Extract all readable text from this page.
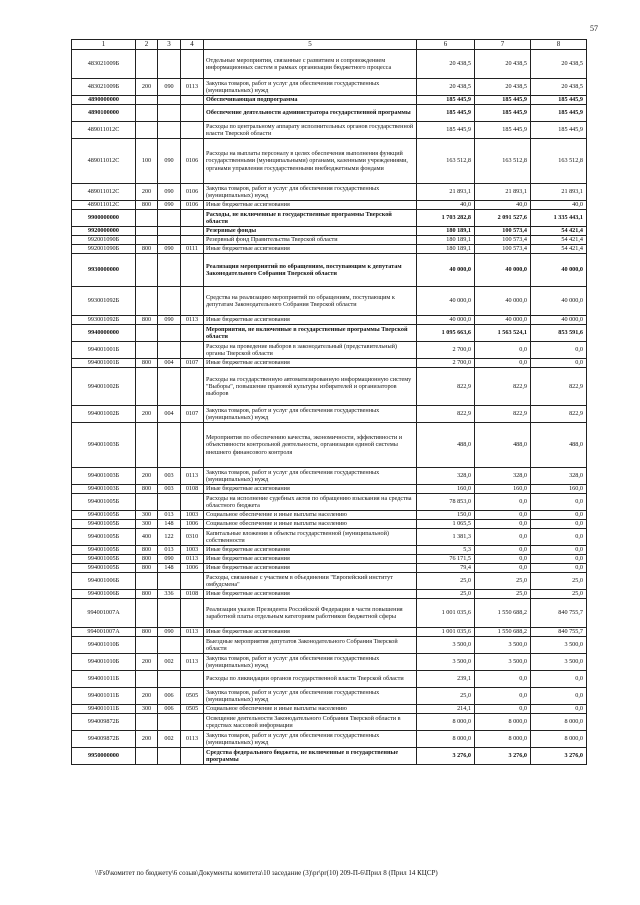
57
1	2	3	4	5	6	7	8
483021009Б				Отдельные мероприятия, связанные с развитием и сопровождением информационных систем в рамках организации бюджетного процесса	20 438,5	20 438,5	20 438,5
483021009Б	200	090	0113	Закупка товаров, работ и услуг для обеспечения государственных (муниципальных) нужд	20 438,5	20 438,5	20 438,5
4890000000				Обеспечивающая подпрограмма	185 445,9	185 445,9	185 445,9
4890100000				Обеспечение деятельности администратора государственной программы	185 445,9	185 445,9	185 445,9
489011012С				Расходы по центральному аппарату исполнительных органов государственной власти Тверской области	185 445,9	185 445,9	185 445,9
489011012С	100	090	0106	Расходы на выплаты персоналу в целях обеспечения выполнения функций государственными (муниципальными) органами, казенными учреждениями, органами управления государственными внебюджетными фондами	163 512,8	163 512,8	163 512,8
489011012С	200	090	0106	Закупка товаров, работ и услуг для обеспечения государственных (муниципальных) нужд	21 893,1	21 893,1	21 893,1
489011012С	800	090	0106	Иные бюджетные ассигнования	40,0	40,0	40,0
9900000000				Расходы, не включенные в государственные программы Тверской области	1 703 282,8	2 091 527,6	1 335 443,1
9920000000				Резервные фонды	180 189,1	100 573,4	54 421,4
992001090Б				Резервный фонд Правительства Тверской области	180 189,1	100 573,4	54 421,4
992001090Б	800	090	0111	Иные бюджетные ассигнования	180 189,1	100 573,4	54 421,4
9930000000				Реализация мероприятий по обращениям, поступающим к депутатам Законодательного Собрания Тверской области	40 000,0	40 000,0	40 000,0
993001092Б				Средства на реализацию мероприятий по обращениям, поступающим к депутатам Законодательного Собрания Тверской области	40 000,0	40 000,0	40 000,0
993001092Б	800	090	0113	Иные бюджетные ассигнования	40 000,0	40 000,0	40 000,0
9940000000				Мероприятия, не включенные в государственные программы Тверской области	1 095 663,6	1 563 524,1	853 591,6
994001001Б				Расходы на проведение выборов в законодательный (представительный) органы Тверской области	2 700,0	0,0	0,0
994001001Б	800	004	0107	Иные бюджетные ассигнования	2 700,0	0,0	0,0
994001002Б				Расходы на государственную автоматизированную информационную систему "Выборы", повышение правовой культуры избирателей и организаторов выборов	822,9	822,9	822,9
994001002Б	200	004	0107	Закупка товаров, работ и услуг для обеспечения государственных (муниципальных) нужд	822,9	822,9	822,9
994001003Б				Мероприятия по обеспечению качества, экономичности, эффективности и объективности контрольной деятельности, организации единой системы внешнего финансового контроля	488,0	488,0	488,0
994001003Б	200	003	0113	Закупка товаров, работ и услуг для обеспечения государственных (муниципальных) нужд	328,0	328,0	328,0
994001003Б	800	003	0108	Иные бюджетные ассигнования	160,0	160,0	160,0
994001005Б				Расходы на исполнение судебных актов по обращению взыскания на средства областного бюджета	78 853,0	0,0	0,0
994001005Б	300	013	1003	Социальное обеспечение и иные выплаты населению	150,0	0,0	0,0
994001005Б	300	148	1006	Социальное обеспечение и иные выплаты населению	1 065,5	0,0	0,0
994001005Б	400	122	0310	Капитальные вложения в объекты государственной (муниципальной) собственности	1 381,3	0,0	0,0
994001005Б	800	013	1003	Иные бюджетные ассигнования	5,3	0,0	0,0
994001005Б	800	090	0113	Иные бюджетные ассигнования	76 171,5	0,0	0,0
994001005Б	800	148	1006	Иные бюджетные ассигнования	79,4	0,0	0,0
994001006Б				Расходы, связанные с участием в объединении "Европейский институт омбудсмена"	25,0	25,0	25,0
994001006Б	800	336	0108	Иные бюджетные ассигнования	25,0	25,0	25,0
994001007А				Реализация указов Президента Российской Федерации в части повышения заработной платы отдельным категориям работников бюджетной сферы	1 001 035,6	1 550 688,2	840 755,7
994001007А	800	090	0113	Иные бюджетные ассигнования	1 001 035,6	1 550 688,2	840 755,7
994001010Б				Выездные мероприятия депутатов Законодательного Собрания Тверской области	3 500,0	3 500,0	3 500,0
994001010Б	200	002	0113	Закупка товаров, работ и услуг для обеспечения государственных (муниципальных) нужд	3 500,0	3 500,0	3 500,0
994001011Б				Расходы по ликвидации органов государственной власти Тверской области	239,1	0,0	0,0
994001011Б	200	006	0505	Закупка товаров, работ и услуг для обеспечения государственных (муниципальных) нужд	25,0	0,0	0,0
994001011Б	300	006	0505	Социальное обеспечение и иные выплаты населению	214,1	0,0	0,0
994009872Б				Освещение деятельности Законодательного Собрания Тверской области в средствах массовой информации	8 000,0	8 000,0	8 000,0
994009872Б	200	002	0113	Закупка товаров, работ и услуг для обеспечения государственных (муниципальных) нужд	8 000,0	8 000,0	8 000,0
9950000000				Средства федерального бюджета, не включенные в государственные программы	3 276,0	3 276,0	3 276,0
\\Fs0\комитет по бюджету\6 созыв\Документы комитета\10 заседание (3)\pr\pr(10) 209-П-6\Прил 8 (Прил 14 КЦСР)
